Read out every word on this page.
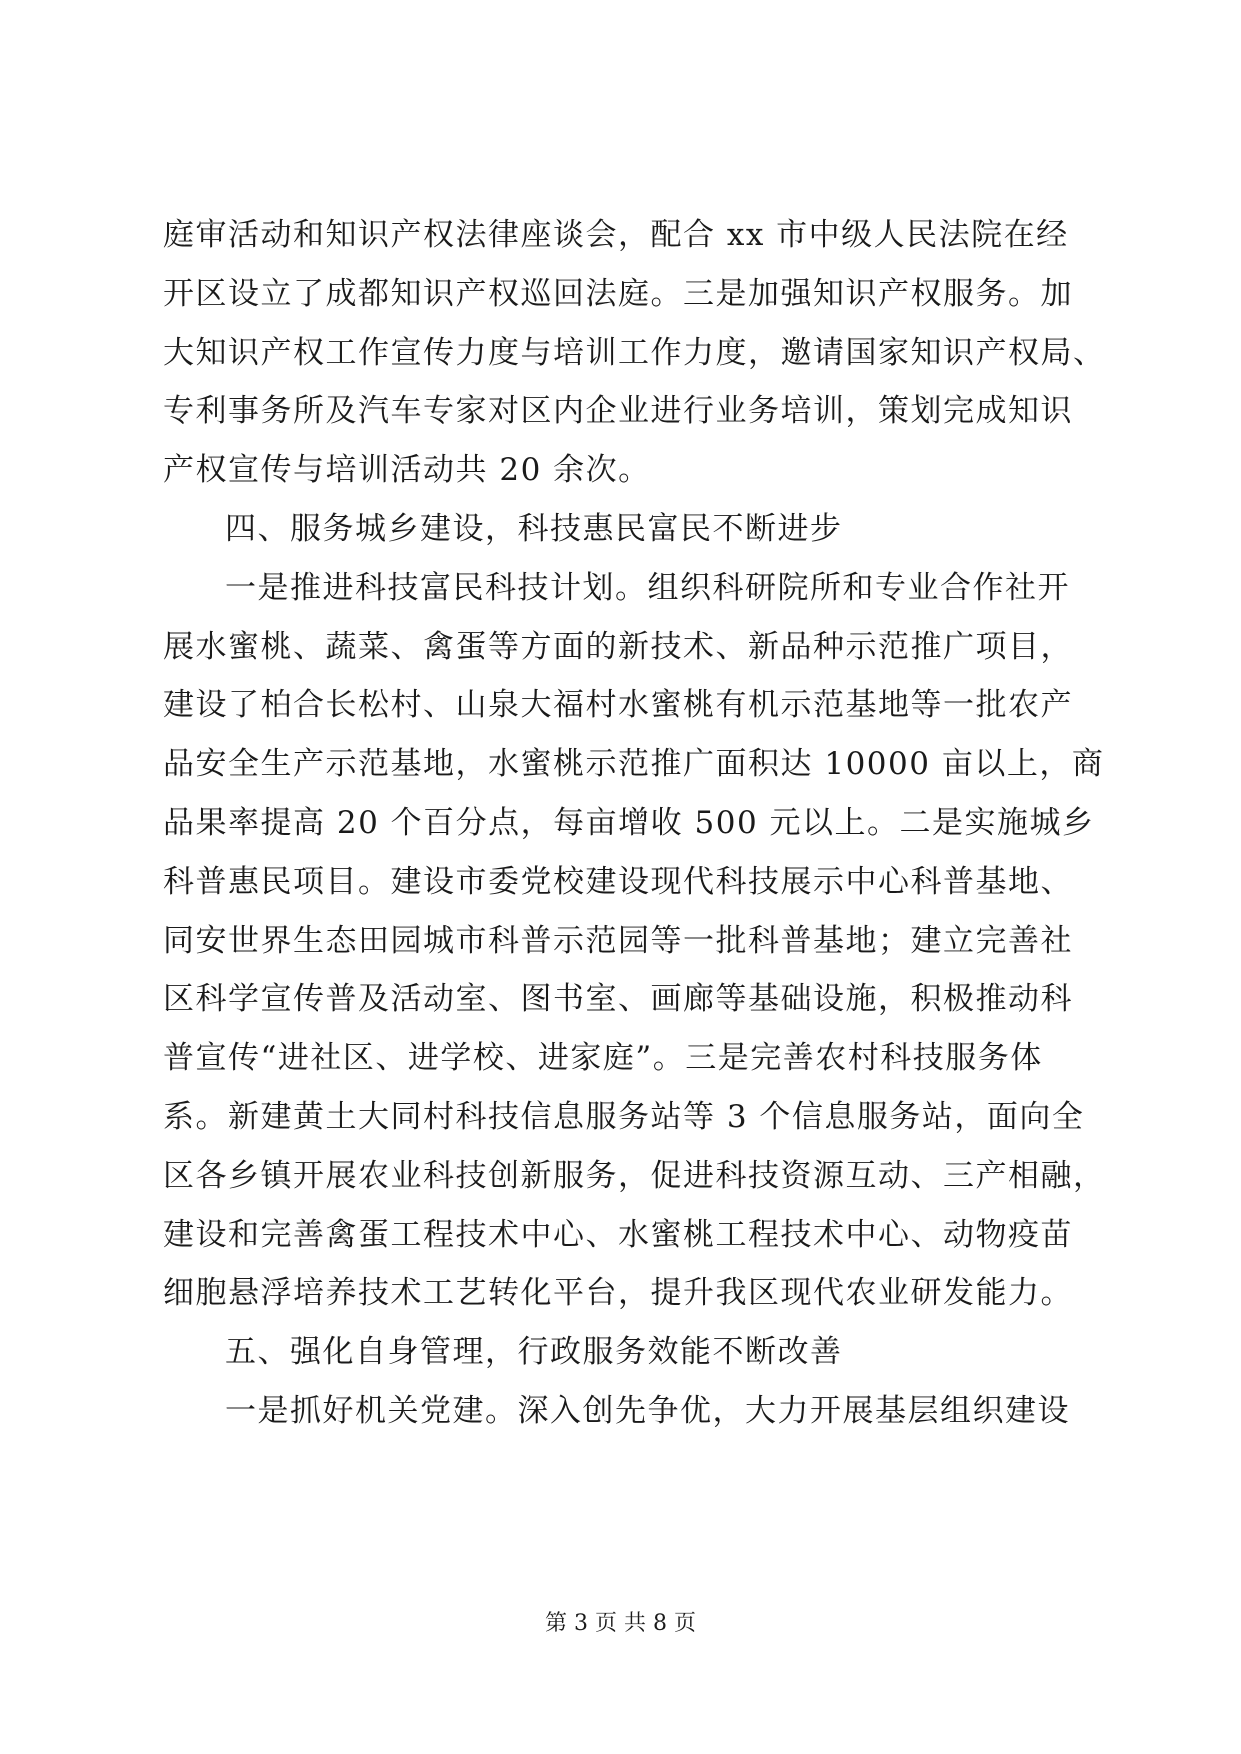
庭审活动和知识产权法律座谈会，配合 xx 市中级人民法院在经
开区设立了成都知识产权巡回法庭。三是加强知识产权服务。加
大知识产权工作宣传力度与培训工作力度，邀请国家知识产权局、
专利事务所及汽车专家对区内企业进行业务培训，策划完成知识
产权宣传与培训活动共 20 余次。
四、服务城乡建设，科技惠民富民不断进步
一是推进科技富民科技计划。组织科研院所和专业合作社开
展水蜜桃、蔬菜、禽蛋等方面的新技术、新品种示范推广项目，
建设了柏合长松村、山泉大福村水蜜桃有机示范基地等一批农产
品安全生产示范基地，水蜜桃示范推广面积达 10000 亩以上，商
品果率提高 20 个百分点，每亩增收 500 元以上。二是实施城乡
科普惠民项目。建设市委党校建设现代科技展示中心科普基地、
同安世界生态田园城市科普示范园等一批科普基地；建立完善社
区科学宣传普及活动室、图书室、画廊等基础设施，积极推动科
普宣传“进社区、进学校、进家庭”。三是完善农村科技服务体
系。新建黄土大同村科技信息服务站等 3 个信息服务站，面向全
区各乡镇开展农业科技创新服务，促进科技资源互动、三产相融，
建设和完善禽蛋工程技术中心、水蜜桃工程技术中心、动物疫苗
细胞悬浮培养技术工艺转化平台，提升我区现代农业研发能力。
五、强化自身管理，行政服务效能不断改善
一是抓好机关党建。深入创先争优，大力开展基层组织建设
第 3 页 共 8 页
